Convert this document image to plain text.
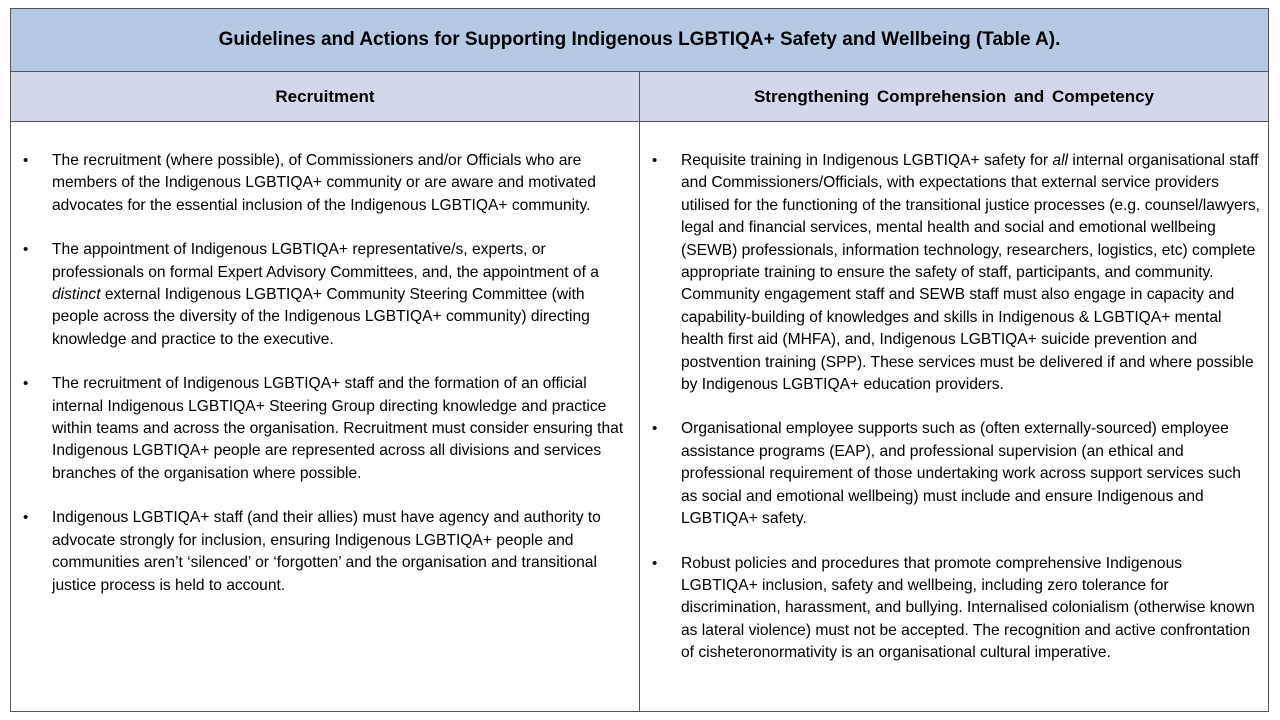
Guidelines and Actions for Supporting Indigenous LGBTIQA+ Safety and Wellbeing (Table A).
Recruitment	Strengthening Comprehension and Competency
• The recruitment (where possible), of Commissioners and/or Officials who are members of the Indigenous LGBTIQA+ community or are aware and motivated advocates for the essential inclusion of the Indigenous LGBTIQA+ community.
• The appointment of Indigenous LGBTIQA+ representative/s, experts, or professionals on formal Expert Advisory Committees, and, the appointment of a distinct external Indigenous LGBTIQA+ Community Steering Committee (with people across the diversity of the Indigenous LGBTIQA+ community) directing knowledge and practice to the executive.
• The recruitment of Indigenous LGBTIQA+ staff and the formation of an official internal Indigenous LGBTIQA+ Steering Group directing knowledge and practice within teams and across the organisation. Recruitment must consider ensuring that Indigenous LGBTIQA+ people are represented across all divisions and services branches of the organisation where possible.
• Indigenous LGBTIQA+ staff (and their allies) must have agency and authority to advocate strongly for inclusion, ensuring Indigenous LGBTIQA+ people and communities aren’t ‘silenced’ or ‘forgotten’ and the organisation and transitional justice process is held to account.
• Requisite training in Indigenous LGBTIQA+ safety for all internal organisational staff and Commissioners/Officials, with expectations that external service providers utilised for the functioning of the transitional justice processes (e.g. counsel/lawyers, legal and financial services, mental health and social and emotional wellbeing (SEWB) professionals, information technology, researchers, logistics, etc) complete appropriate training to ensure the safety of staff, participants, and community. Community engagement staff and SEWB staff must also engage in capacity and capability-building of knowledges and skills in Indigenous & LGBTIQA+ mental health first aid (MHFA), and, Indigenous LGBTIQA+ suicide prevention and postvention training (SPP). These services must be delivered if and where possible by Indigenous LGBTIQA+ education providers.
• Organisational employee supports such as (often externally-sourced) employee assistance programs (EAP), and professional supervision (an ethical and professional requirement of those undertaking work across support services such as social and emotional wellbeing) must include and ensure Indigenous and LGBTIQA+ safety.
• Robust policies and procedures that promote comprehensive Indigenous LGBTIQA+ inclusion, safety and wellbeing, including zero tolerance for discrimination, harassment, and bullying. Internalised colonialism (otherwise known as lateral violence) must not be accepted. The recognition and active confrontation of cisheteronormativity is an organisational cultural imperative.
